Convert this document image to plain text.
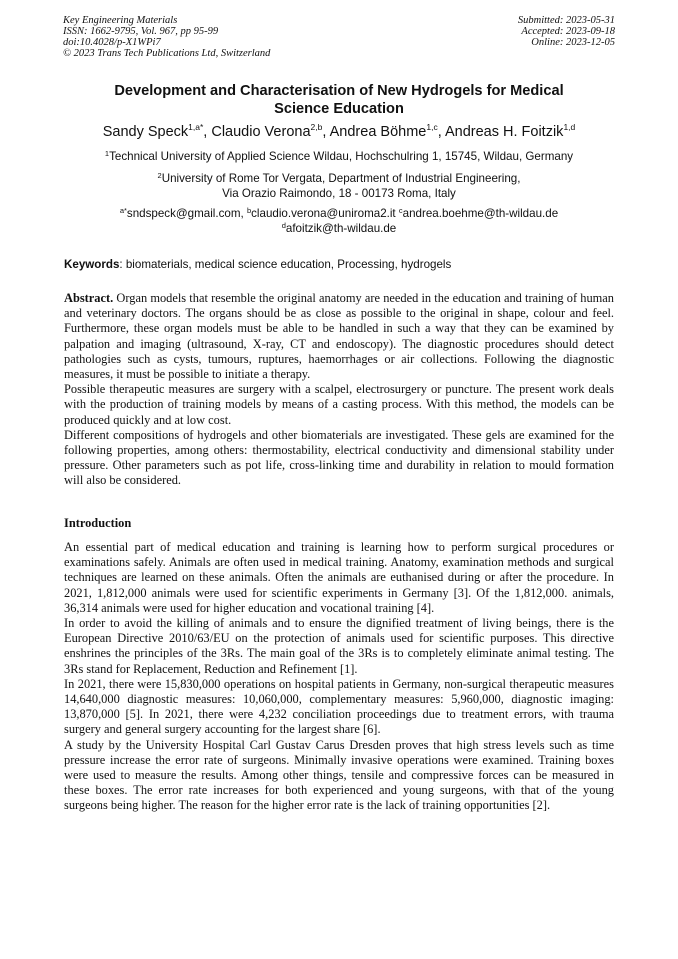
Key Engineering Materials
ISSN: 1662-9795, Vol. 967, pp 95-99
doi:10.4028/p-X1WPi7
© 2023 Trans Tech Publications Ltd, Switzerland
Submitted: 2023-05-31
Accepted: 2023-09-18
Online: 2023-12-05
Development and Characterisation of New Hydrogels for Medical
Science Education
Sandy Speck$^{1,a*}$, Claudio Verona$^{2,b}$, Andrea Böhme$^{1,c}$, Andreas H. Foitzik$^{1,d}$
$^1$Technical University of Applied Science Wildau, Hochschulring 1, 15745, Wildau, Germany
$^2$University of Rome Tor Vergata, Department of Industrial Engineering,
Via Orazio Raimondo, 18 - 00173 Roma, Italy
$^{a*}$sndspeck@gmail.com, $^b$claudio.verona@uniroma2.it $^c$andrea.boehme@th-wildau.de
$^d$afoitzik@th-wildau.de
Keywords: biomaterials, medical science education, Processing, hydrogels

Abstract. Organ models that resemble the original anatomy are needed in the education and training of human and veterinary doctors. The organs should be as close as possible to the original in shape, colour and feel. Furthermore, these organ models must be able to be handled in such a way that they can be examined by palpation and imaging (ultrasound, X-ray, CT and endoscopy). The diagnostic procedures should detect pathologies such as cysts, tumours, ruptures, haemorrhages or air collections. Following the diagnostic measures, it must be possible to initiate a therapy.

Possible therapeutic measures are surgery with a scalpel, electrosurgery or puncture. The present work deals with the production of training models by means of a casting process. With this method, the models can be produced quickly and at low cost.

Different compositions of hydrogels and other biomaterials are investigated. These gels are examined for the following properties, among others: thermostability, electrical conductivity and dimensional stability under pressure. Other parameters such as pot life, cross-linking time and durability in relation to mould formation will also be considered.

Introduction

An essential part of medical education and training is learning how to perform surgical procedures or examinations safely. Animals are often used in medical training. Anatomy, examination methods and surgical techniques are learned on these animals. Often the animals are euthanised during or after the procedure. In 2021, 1,812,000 animals were used for scientific experiments in Germany [3]. Of the 1,812,000. animals, 36,314 animals were used for higher education and vocational training [4].

In order to avoid the killing of animals and to ensure the dignified treatment of living beings, there is the European Directive 2010/63/EU on the protection of animals used for scientific purposes. This directive enshrines the principles of the 3Rs. The main goal of the 3Rs is to completely eliminate animal testing. The 3Rs stand for Replacement, Reduction and Refinement [1].

In 2021, there were 15,830,000 operations on hospital patients in Germany, non-surgical therapeutic measures 14,640,000 diagnostic measures: 10,060,000, complementary measures: 5,960,000, diagnostic imaging: 13,870,000 [5]. In 2021, there were 4,232 conciliation proceedings due to treatment errors, with trauma surgery and general surgery accounting for the largest share [6].

A study by the University Hospital Carl Gustav Carus Dresden proves that high stress levels such as time pressure increase the error rate of surgeons. Minimally invasive operations were examined. Training boxes were used to measure the results. Among other things, tensile and compressive forces can be measured in these boxes. The error rate increases for both experienced and young surgeons, with that of the young surgeons being higher. The reason for the higher error rate is the lack of training opportunities [2].
